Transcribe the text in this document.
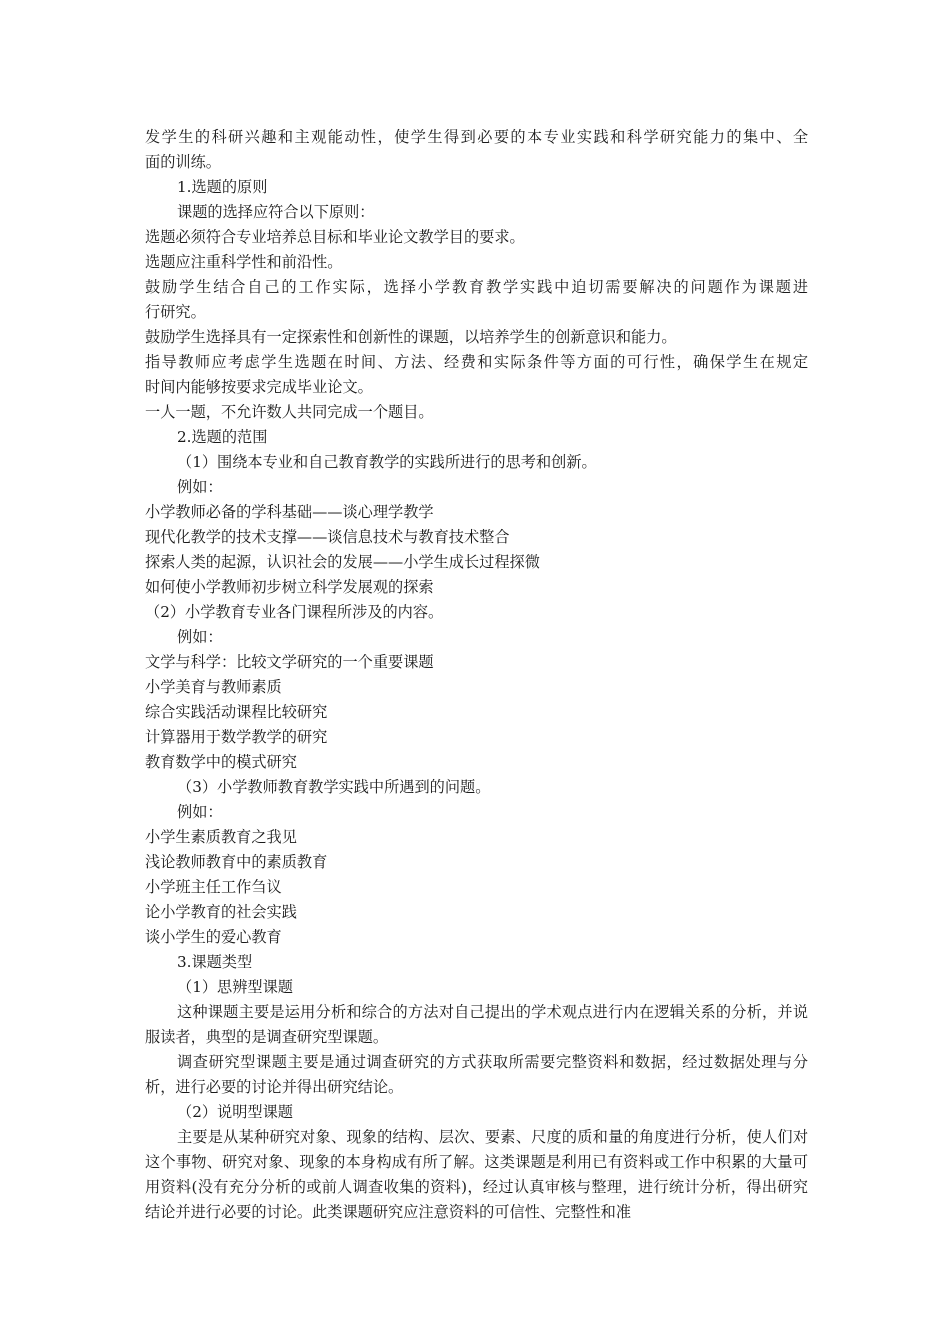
发学生的科研兴趣和主观能动性，使学生得到必要的本专业实践和科学研究能力的集中、全

面的训练。

1.选题的原则

课题的选择应符合以下原则：

选题必须符合专业培养总目标和毕业论文教学目的要求。

选题应注重科学性和前沿性。

鼓励学生结合自己的工作实际，选择小学教育教学实践中迫切需要解决的问题作为课题进

行研究。

鼓励学生选择具有一定探索性和创新性的课题，以培养学生的创新意识和能力。

指导教师应考虑学生选题在时间、方法、经费和实际条件等方面的可行性，确保学生在规定

时间内能够按要求完成毕业论文。

一人一题，不允许数人共同完成一个题目。

2.选题的范围

（1）围绕本专业和自己教育教学的实践所进行的思考和创新。

例如：

小学教师必备的学科基础——谈心理学教学

现代化教学的技术支撑——谈信息技术与教育技术整合

探索人类的起源，认识社会的发展——小学生成长过程探微

如何使小学教师初步树立科学发展观的探索

（2）小学教育专业各门课程所涉及的内容。

例如：

文学与科学：比较文学研究的一个重要课题

小学美育与教师素质

综合实践活动课程比较研究

计算器用于数学教学的研究

教育数学中的模式研究

（3）小学教师教育教学实践中所遇到的问题。

例如：

小学生素质教育之我见

浅论教师教育中的素质教育

小学班主任工作刍议

论小学教育的社会实践

谈小学生的爱心教育

3.课题类型

（1）思辨型课题

这种课题主要是运用分析和综合的方法对自己提出的学术观点进行内在逻辑关系的分析，并说服读者，典型的是调查研究型课题。

调查研究型课题主要是通过调查研究的方式获取所需要完整资料和数据，经过数据处理与分析，进行必要的讨论并得出研究结论。

（2）说明型课题

主要是从某种研究对象、现象的结构、层次、要素、尺度的质和量的角度进行分析，使人们对这个事物、研究对象、现象的本身构成有所了解。这类课题是利用已有资料或工作中积累的大量可用资料(没有充分分析的或前人调查收集的资料)，经过认真审核与整理，进行统计分析，得出研究结论并进行必要的讨论。此类课题研究应注意资料的可信性、完整性和准
